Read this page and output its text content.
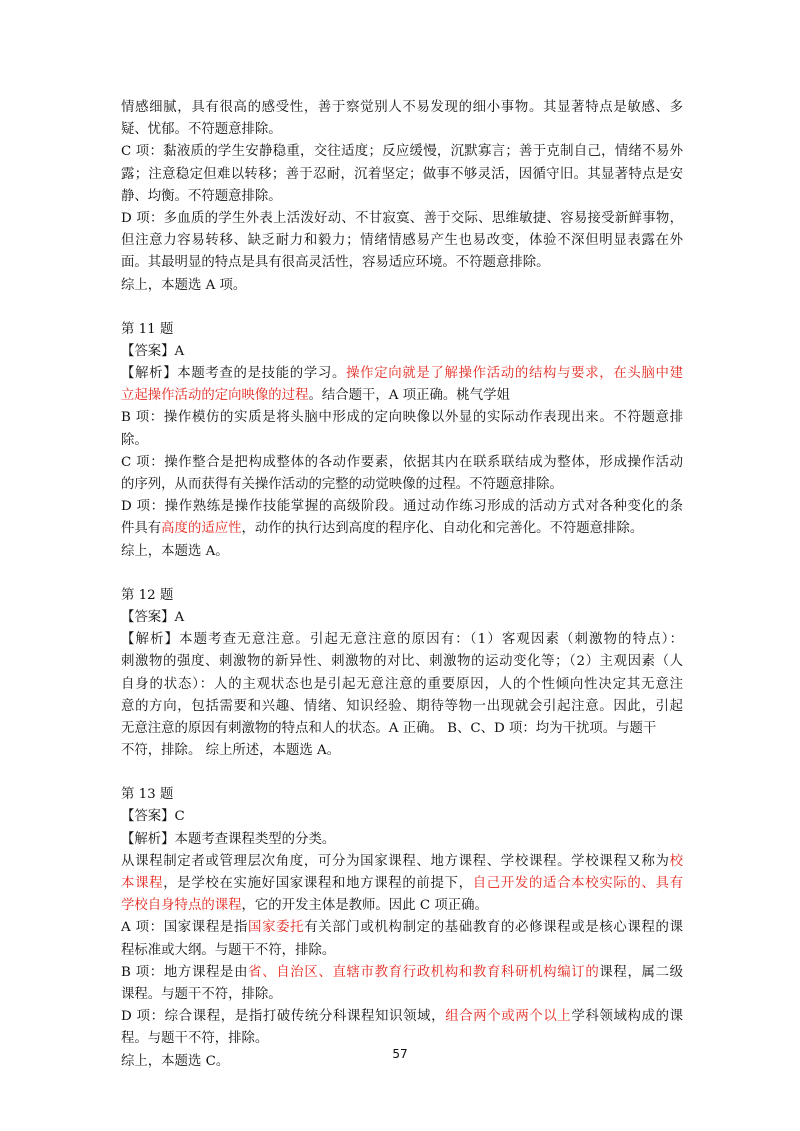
情感细腻，具有很高的感受性，善于察觉别人不易发现的细小事物。其显著特点是敏感、多
疑、忧郁。不符题意排除。
C 项：黏液质的学生安静稳重，交往适度；反应缓慢，沉默寡言；善于克制自己，情绪不易外
露；注意稳定但难以转移；善于忍耐，沉着坚定；做事不够灵活，因循守旧。其显著特点是安
静、均衡。不符题意排除。
D 项：多血质的学生外表上活泼好动、不甘寂寞、善于交际、思维敏捷、容易接受新鲜事物，
但注意力容易转移、缺乏耐力和毅力；情绪情感易产生也易改变，体验不深但明显表露在外
面。其最明显的特点是具有很高灵活性，容易适应环境。不符题意排除。
综上，本题选 A 项。
第 11 题
【答案】A
【解析】本题考查的是技能的学习。操作定向就是了解操作活动的结构与要求，在头脑中建
立起操作活动的定向映像的过程。结合题干，A 项正确。桃气学姐
B 项：操作模仿的实质是将头脑中形成的定向映像以外显的实际动作表现出来。不符题意排
除。
C 项：操作整合是把构成整体的各动作要素，依据其内在联系联结成为整体，形成操作活动
的序列，从而获得有关操作活动的完整的动觉映像的过程。不符题意排除。
D 项：操作熟练是操作技能掌握的高级阶段。通过动作练习形成的活动方式对各种变化的条
件具有高度的适应性，动作的执行达到高度的程序化、自动化和完善化。不符题意排除。
综上，本题选 A。
第 12 题
【答案】A
【解析】本题考查无意注意。引起无意注意的原因有：（1）客观因素（刺激物的特点）：
刺激物的强度、刺激物的新异性、刺激物的对比、刺激物的运动变化等；（2）主观因素（人
自身的状态）：人的主观状态也是引起无意注意的重要原因，人的个性倾向性决定其无意注
意的方向，包括需要和兴趣、情绪、知识经验、期待等物一出现就会引起注意。因此，引起
无意注意的原因有刺激物的特点和人的状态。A 正确。 B、C、D 项：均为干扰项。与题干
不符，排除。 综上所述，本题选 A。
第 13 题
【答案】C
【解析】本题考查课程类型的分类。
从课程制定者或管理层次角度，可分为国家课程、地方课程、学校课程。学校课程又称为校
本课程，是学校在实施好国家课程和地方课程的前提下，自己开发的适合本校实际的、具有
学校自身特点的课程，它的开发主体是教师。因此 C 项正确。
A 项：国家课程是指国家委托有关部门或机构制定的基础教育的必修课程或是核心课程的课
程标准或大纲。与题干不符，排除。
B 项：地方课程是由省、自治区、直辖市教育行政机构和教育科研机构编订的课程，属二级
课程。与题干不符，排除。
D 项：综合课程，是指打破传统分科课程知识领域，组合两个或两个以上学科领域构成的课
程。与题干不符，排除。
综上，本题选 C。	57
